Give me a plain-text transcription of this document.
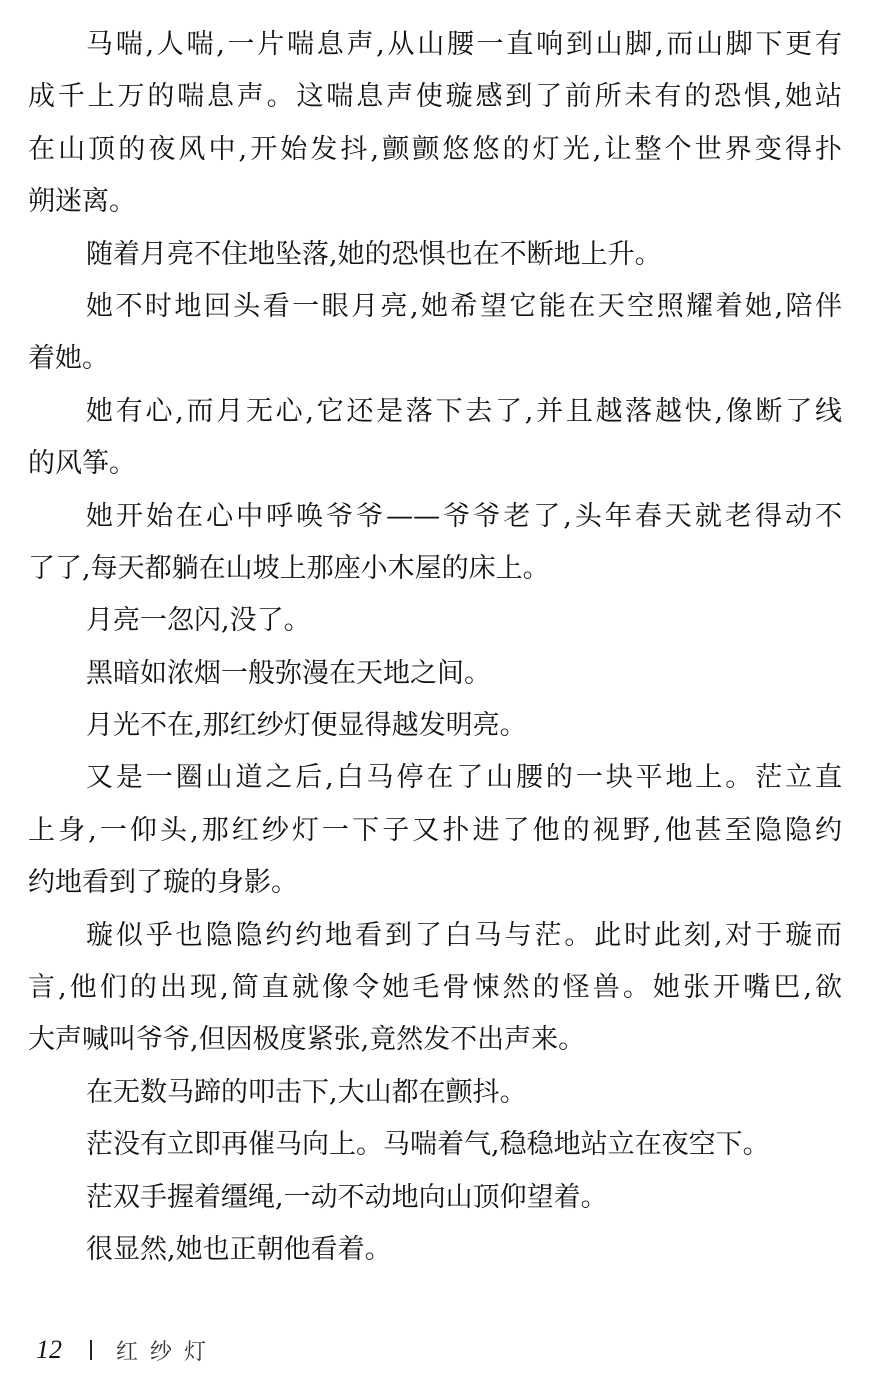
马喘,人喘,一片喘息声,从山腰一直响到山脚,而山脚下更有
成千上万的喘息声。这喘息声使璇感到了前所未有的恐惧,她站
在山顶的夜风中,开始发抖,颤颤悠悠的灯光,让整个世界变得扑
朔迷离。
随着月亮不住地坠落,她的恐惧也在不断地上升。
她不时地回头看一眼月亮,她希望它能在天空照耀着她,陪伴
着她。
她有心,而月无心,它还是落下去了,并且越落越快,像断了线
的风筝。
她开始在心中呼唤爷爷——爷爷老了,头年春天就老得动不
了了,每天都躺在山坡上那座小木屋的床上。
月亮一忽闪,没了。
黑暗如浓烟一般弥漫在天地之间。
月光不在,那红纱灯便显得越发明亮。
又是一圈山道之后,白马停在了山腰的一块平地上。茫立直
上身,一仰头,那红纱灯一下子又扑进了他的视野,他甚至隐隐约
约地看到了璇的身影。
璇似乎也隐隐约约地看到了白马与茫。此时此刻,对于璇而
言,他们的出现,简直就像令她毛骨悚然的怪兽。她张开嘴巴,欲
大声喊叫爷爷,但因极度紧张,竟然发不出声来。
在无数马蹄的叩击下,大山都在颤抖。
茫没有立即再催马向上。马喘着气,稳稳地站立在夜空下。
茫双手握着缰绳,一动不动地向山顶仰望着。
很显然,她也正朝他看着。
12 红纱灯
